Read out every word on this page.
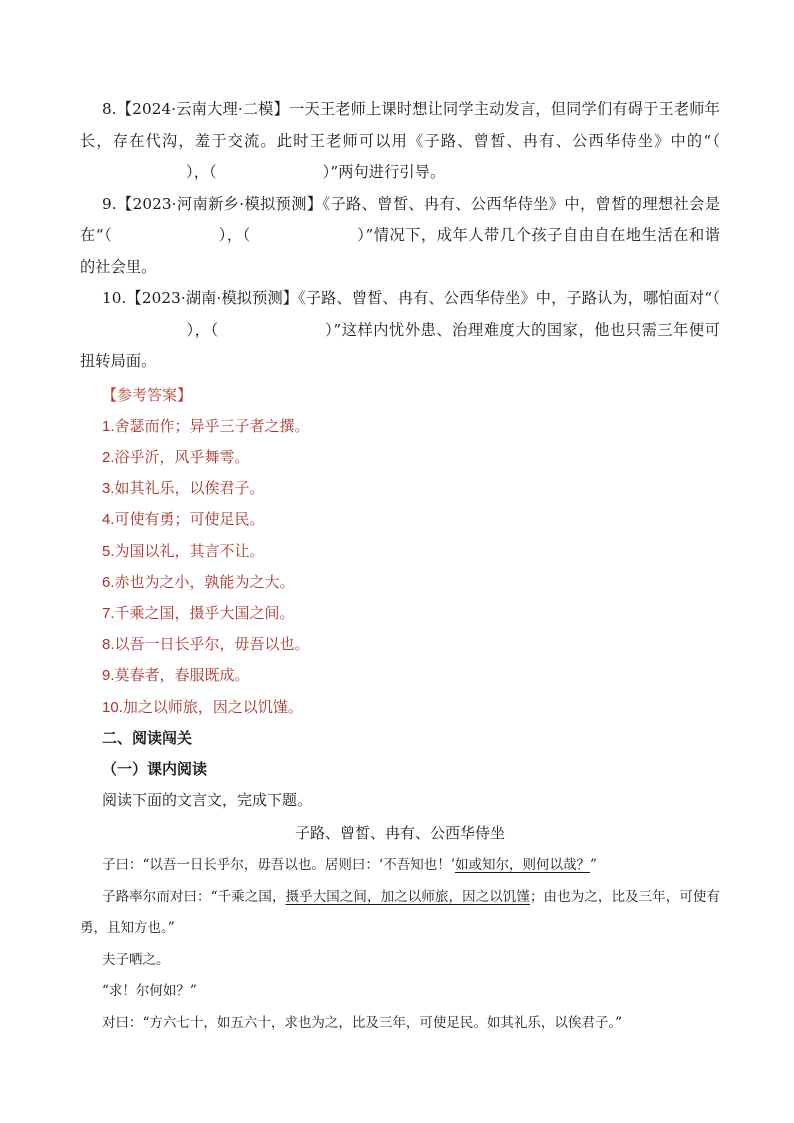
8.【2024·云南大理·二模】一天王老师上课时想让同学主动发言，但同学们有碍于王老师年长，存在代沟，羞于交流。此时王老师可以用《子路、曾皙、冉有、公西华侍坐》中的“（），（	）”两句进行引导。

9.【2023·河南新乡·模拟预测】《子路、曾皙、冉有、公西华侍坐》中，曾皙的理想社会是在“（	），（	）”情况下，成年人带几个孩子自由自在地生活在和谐的社会里。

10.【2023·湖南·模拟预测】《子路、曾皙、冉有、公西华侍坐》中，子路认为，哪怕面对“（），（	）”这样内忧外患、治理难度大的国家，他也只需三年便可扭转局面。

【参考答案】
1.舍瑟而作；异乎三子者之撰。
2.浴乎沂，风乎舞雩。
3.如其礼乐，以俟君子。
4.可使有勇；可使足民。
5.为国以礼，其言不让。
6.赤也为之小，孰能为之大。
7.千乘之国，摄乎大国之间。
8.以吾一日长乎尔，毋吾以也。
9.莫春者，春服既成。
10.加之以师旅，因之以饥馑。
二、阅读闯关
（一）课内阅读
阅读下面的文言文，完成下题。
子路、曾皙、冉有、公西华侍坐

子曰：“以吾一日长乎尔，毋吾以也。居则曰：‘不吾知也！’如或知尔，则何以哉？”

子路率尔而对曰：“千乘之国，摄乎大国之间，加之以师旅，因之以饥馑；由也为之，比及三年，可使有勇，且知方也。”

夫子哂之。

“求！尔何如？”

对曰：“方六七十，如五六十，求也为之，比及三年，可使足民。如其礼乐，以俟君子。”
